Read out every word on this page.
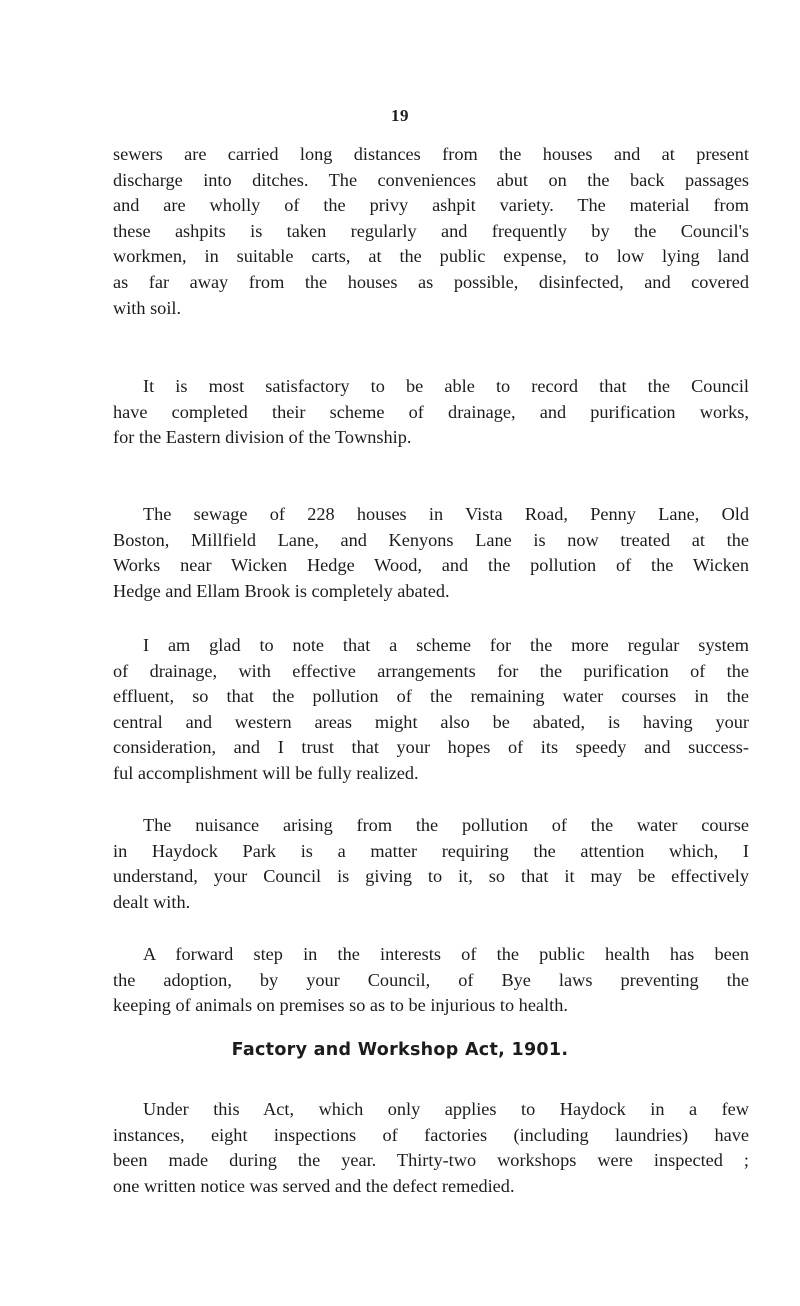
19
sewers are carried long distances from the houses and at present
discharge into ditches. The conveniences abut on the back passages
and are wholly of the privy ashpit variety. The material from
these ashpits is taken regularly and frequently by the Council's
workmen, in suitable carts, at the public expense, to low lying land
as far away from the houses as possible, disinfected, and covered
with soil.
It is most satisfactory to be able to record that the Council
have completed their scheme of drainage, and purification works,
for the Eastern division of the Township.
The sewage of 228 houses in Vista Road, Penny Lane, Old
Boston, Millfield Lane, and Kenyons Lane is now treated at the
Works near Wicken Hedge Wood, and the pollution of the Wicken
Hedge and Ellam Brook is completely abated.
I am glad to note that a scheme for the more regular system
of drainage, with effective arrangements for the purification of the
effluent, so that the pollution of the remaining water courses in the
central and western areas might also be abated, is having your
consideration, and I trust that your hopes of its speedy and success-
ful accomplishment will be fully realized.
The nuisance arising from the pollution of the water course
in Haydock Park is a matter requiring the attention which, I
understand, your Council is giving to it, so that it may be effectively
dealt with.
A forward step in the interests of the public health has been
the adoption, by your Council, of Bye laws preventing the
keeping of animals on premises so as to be injurious to health.
Factory and Workshop Act, 1901.
Under this Act, which only applies to Haydock in a few
instances, eight inspections of factories (including laundries) have
been made during the year. Thirty-two workshops were inspected ;
one written notice was served and the defect remedied.
